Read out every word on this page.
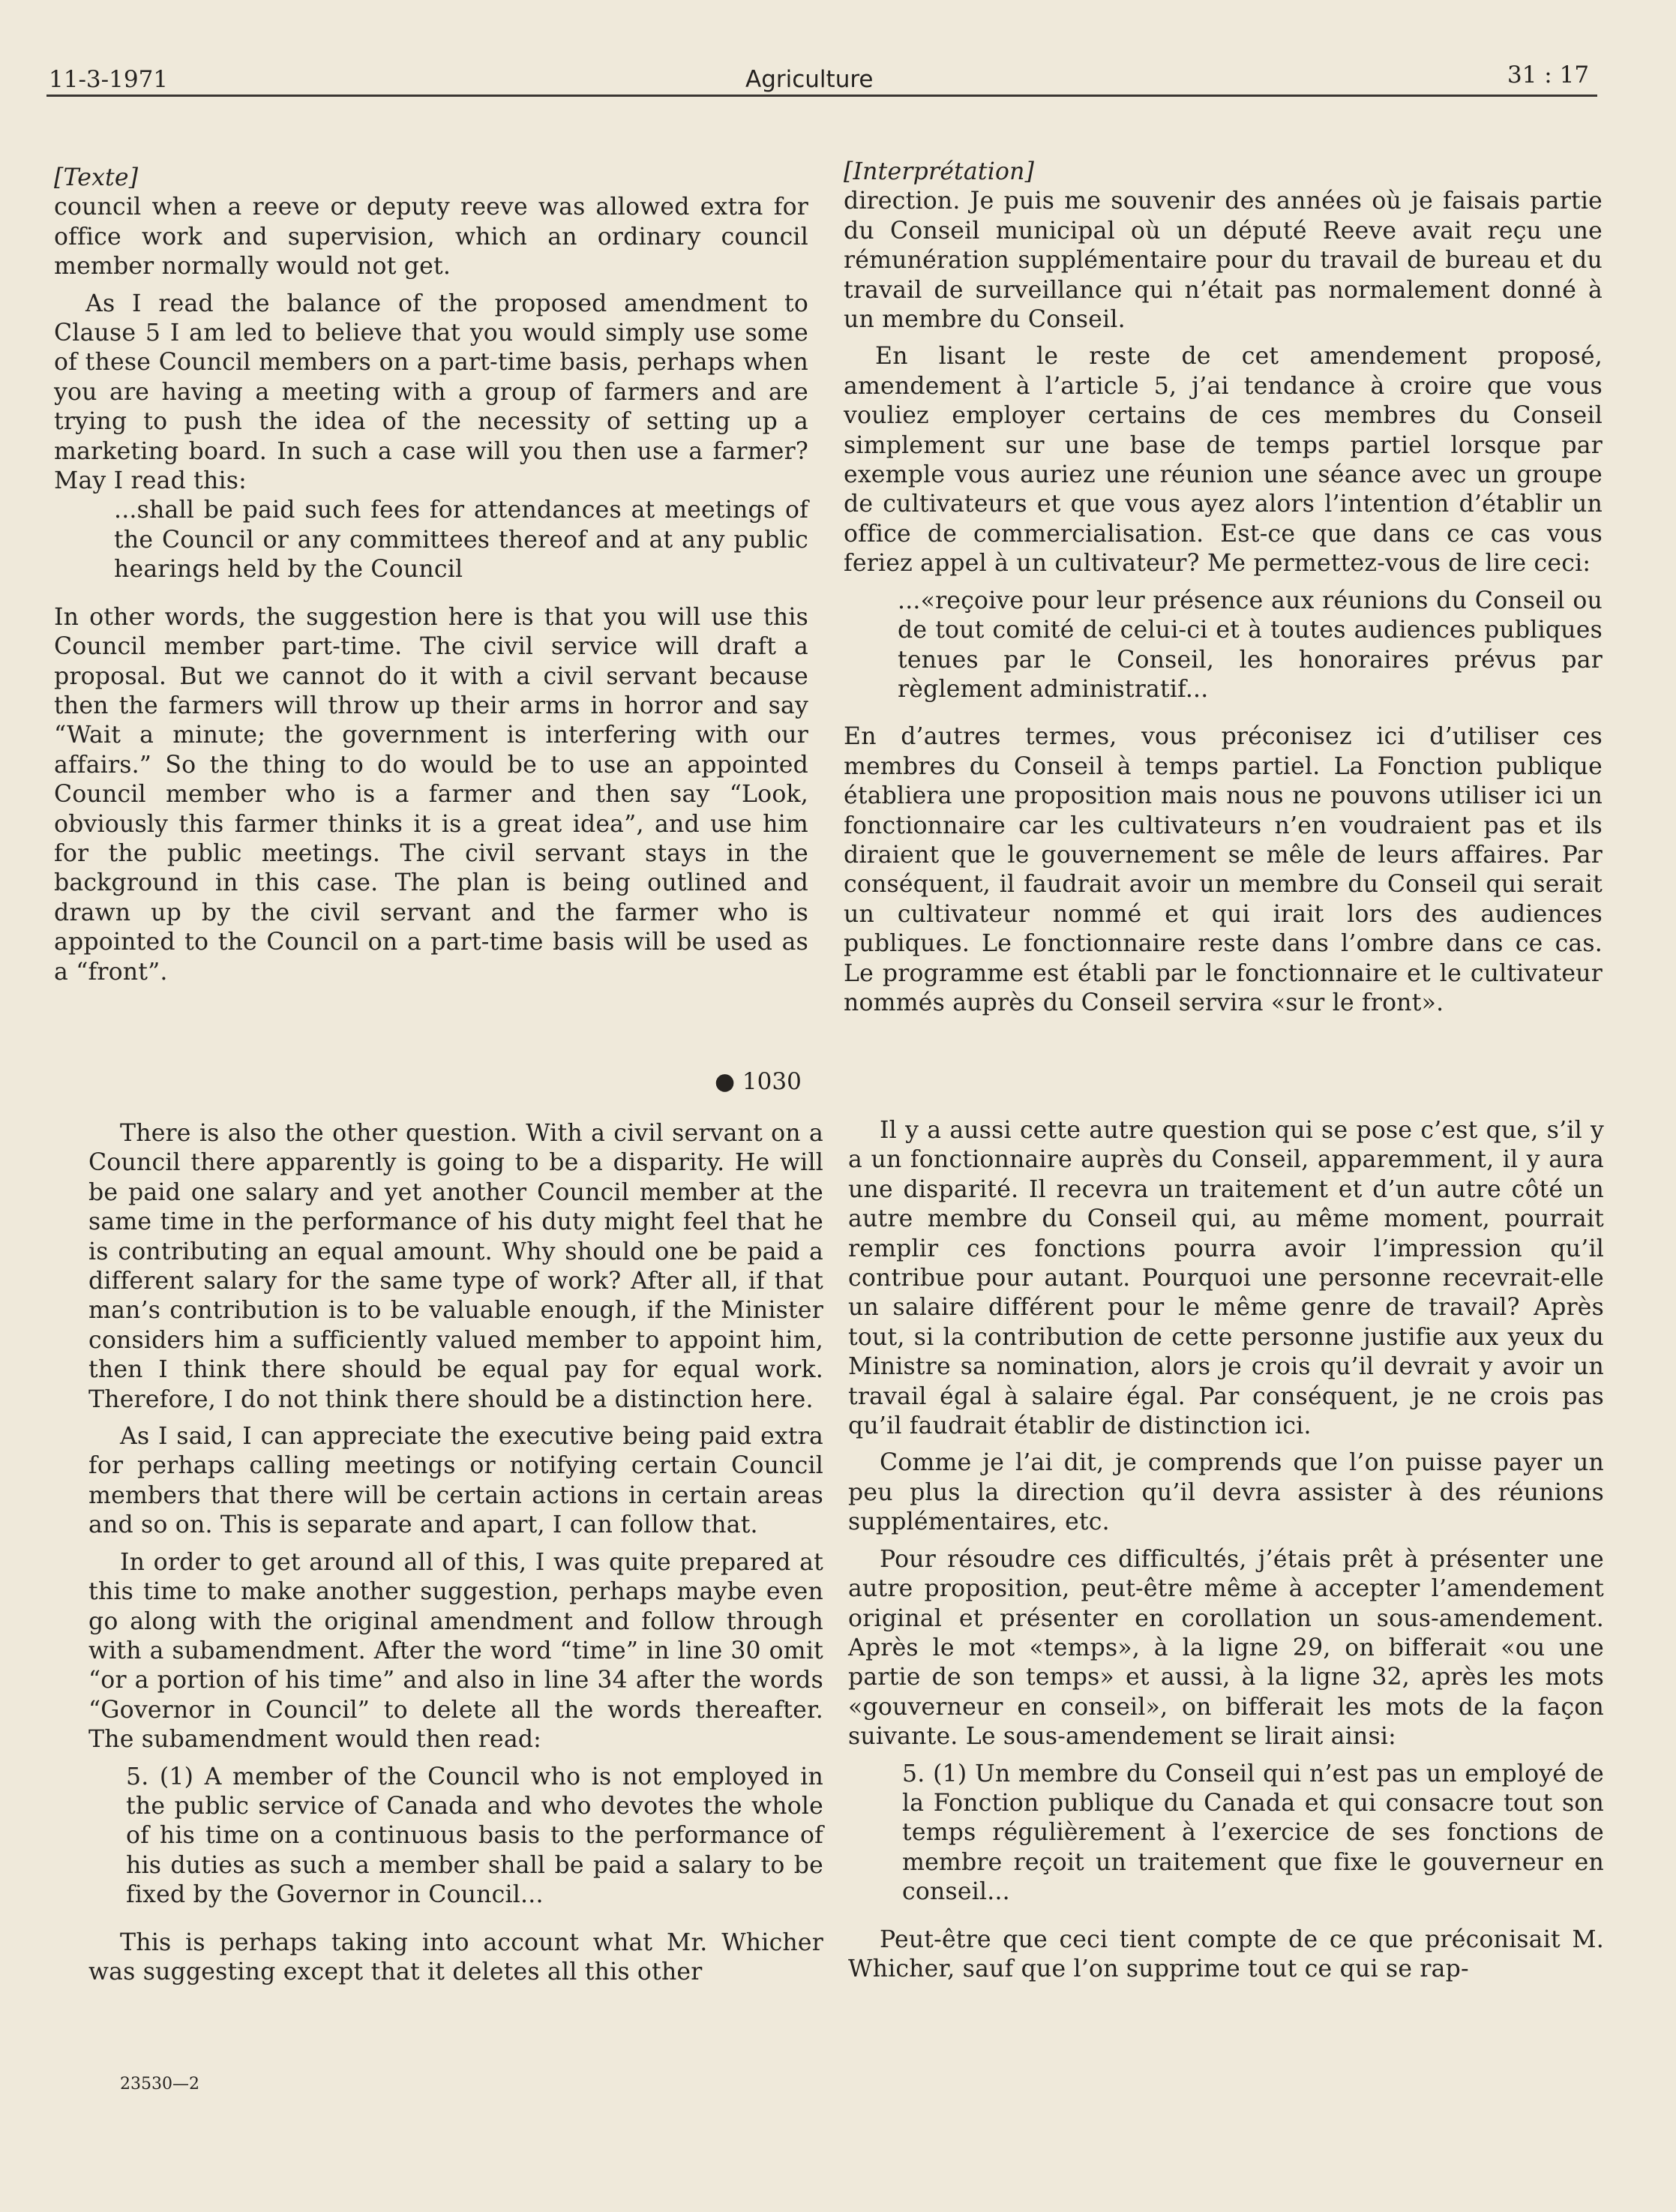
11-3-1971	Agriculture	31 : 17

[Texte]

council when a reeve or deputy reeve was allowed extra for office work and supervision, which an ordinary council member normally would not get.

As I read the balance of the proposed amendment to Clause 5 I am led to believe that you would simply use some of these Council members on a part-time basis, perhaps when you are having a meeting with a group of farmers and are trying to push the idea of the necessity of setting up a marketing board. In such a case will you then use a farmer? May I read this:

...shall be paid such fees for attendances at meetings of the Council or any committees thereof and at any public hearings held by the Council

In other words, the suggestion here is that you will use this Council member part-time. The civil service will draft a proposal. But we cannot do it with a civil servant because then the farmers will throw up their arms in horror and say “Wait a minute; the government is interfering with our affairs.” So the thing to do would be to use an appointed Council member who is a farmer and then say “Look, obviously this farmer thinks it is a great idea”, and use him for the public meetings. The civil servant stays in the background in this case. The plan is being outlined and drawn up by the civil servant and the farmer who is appointed to the Council on a part-time basis will be used as a “front”.

[Interprétation]

direction. Je puis me souvenir des années où je faisais partie du Conseil municipal où un député Reeve avait reçu une rémunération supplémentaire pour du travail de bureau et du travail de surveillance qui n’était pas normalement donné à un membre du Conseil.

En lisant le reste de cet amendement proposé, amendement à l’article 5, j’ai tendance à croire que vous vouliez employer certains de ces membres du Conseil simplement sur une base de temps partiel lorsque par exemple vous auriez une réunion une séance avec un groupe de cultivateurs et que vous ayez alors l’intention d’établir un office de commercialisation. Est-ce que dans ce cas vous feriez appel à un cultivateur? Me permettez-vous de lire ceci:

...«reçoive pour leur présence aux réunions du Conseil ou de tout comité de celui-ci et à toutes audiences publiques tenues par le Conseil, les honoraires prévus par règlement administratif...

En d’autres termes, vous préconisez ici d’utiliser ces membres du Conseil à temps partiel. La Fonction publique établiera une proposition mais nous ne pouvons utiliser ici un fonctionnaire car les cultivateurs n’en voudraient pas et ils diraient que le gouvernement se mêle de leurs affaires. Par conséquent, il faudrait avoir un membre du Conseil qui serait un cultivateur nommé et qui irait lors des audiences publiques. Le fonctionnaire reste dans l’ombre dans ce cas. Le programme est établi par le fonctionnaire et le cultivateur nommés auprès du Conseil servira «sur le front».

● 1030

There is also the other question. With a civil servant on a Council there apparently is going to be a disparity. He will be paid one salary and yet another Council member at the same time in the performance of his duty might feel that he is contributing an equal amount. Why should one be paid a different salary for the same type of work? After all, if that man’s contribution is to be valuable enough, if the Minister considers him a sufficiently valued member to appoint him, then I think there should be equal pay for equal work. Therefore, I do not think there should be a distinction here.

As I said, I can appreciate the executive being paid extra for perhaps calling meetings or notifying certain Council members that there will be certain actions in certain areas and so on. This is separate and apart, I can follow that.

In order to get around all of this, I was quite prepared at this time to make another suggestion, perhaps maybe even go along with the original amendment and follow through with a subamendment. After the word “time” in line 30 omit “or a portion of his time” and also in line 34 after the words “Governor in Council” to delete all the words thereafter. The subamendment would then read:

5. (1) A member of the Council who is not employed in the public service of Canada and who devotes the whole of his time on a continuous basis to the performance of his duties as such a member shall be paid a salary to be fixed by the Governor in Council...

This is perhaps taking into account what Mr. Whicher was suggesting except that it deletes all this other

Il y a aussi cette autre question qui se pose c’est que, s’il y a un fonctionnaire auprès du Conseil, apparemment, il y aura une disparité. Il recevra un traitement et d’un autre côté un autre membre du Conseil qui, au même moment, pourrait remplir ces fonctions pourra avoir l’impression qu’il contribue pour autant. Pourquoi une personne recevrait-elle un salaire différent pour le même genre de travail? Après tout, si la contribution de cette personne justifie aux yeux du Ministre sa nomination, alors je crois qu’il devrait y avoir un travail égal à salaire égal. Par conséquent, je ne crois pas qu’il faudrait établir de distinction ici.

Comme je l’ai dit, je comprends que l’on puisse payer un peu plus la direction qu’il devra assister à des réunions supplémentaires, etc.

Pour résoudre ces difficultés, j’étais prêt à présenter une autre proposition, peut-être même à accepter l’amendement original et présenter en corollation un sous-amendement. Après le mot «temps», à la ligne 29, on bifferait «ou une partie de son temps» et aussi, à la ligne 32, après les mots «gouverneur en conseil», on bifferait les mots de la façon suivante. Le sous-amendement se lirait ainsi:

5. (1) Un membre du Conseil qui n’est pas un employé de la Fonction publique du Canada et qui consacre tout son temps régulièrement à l’exercice de ses fonctions de membre reçoit un traitement que fixe le gouverneur en conseil...

Peut-être que ceci tient compte de ce que préconisait M. Whicher, sauf que l’on supprime tout ce qui se rap-

23530—2
